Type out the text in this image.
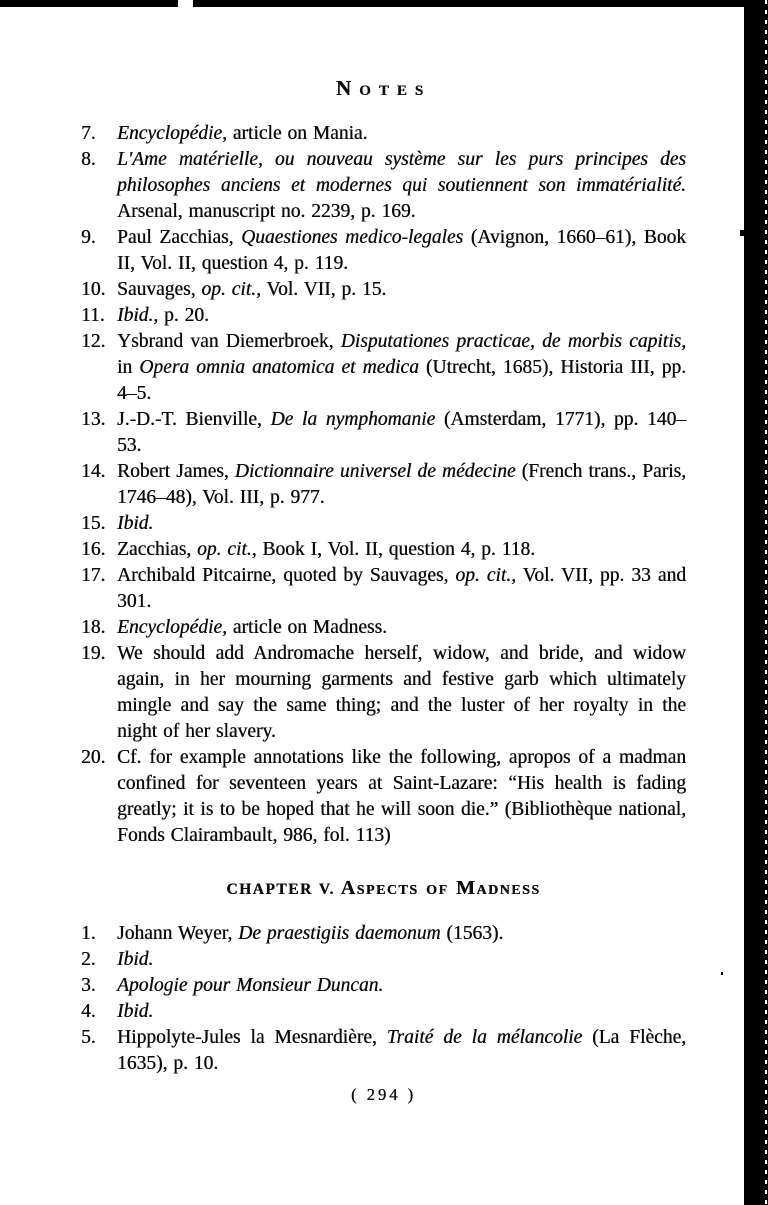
NOTES
7. Encyclopédie, article on Mania.
8. L'Ame matérielle, ou nouveau système sur les purs principes des philosophes anciens et modernes qui soutiennent son immatérialité. Arsenal, manuscript no. 2239, p. 169.
9. Paul Zacchias, Quaestiones medico-legales (Avignon, 1660–61), Book II, Vol. II, question 4, p. 119.
10. Sauvages, op. cit., Vol. VII, p. 15.
11. Ibid., p. 20.
12. Ysbrand van Diemerbroek, Disputationes practicae, de morbis capitis, in Opera omnia anatomica et medica (Utrecht, 1685), Historia III, pp. 4–5.
13. J.-D.-T. Bienville, De la nymphomanie (Amsterdam, 1771), pp. 140–53.
14. Robert James, Dictionnaire universel de médecine (French trans., Paris, 1746–48), Vol. III, p. 977.
15. Ibid.
16. Zacchias, op. cit., Book I, Vol. II, question 4, p. 118.
17. Archibald Pitcairne, quoted by Sauvages, op. cit., Vol. VII, pp. 33 and 301.
18. Encyclopédie, article on Madness.
19. We should add Andromache herself, widow, and bride, and widow again, in her mourning garments and festive garb which ultimately mingle and say the same thing; and the luster of her royalty in the night of her slavery.
20. Cf. for example annotations like the following, apropos of a madman confined for seventeen years at Saint-Lazare: “His health is fading greatly; it is to be hoped that he will soon die.” (Bibliothèque national, Fonds Clairambault, 986, fol. 113)
CHAPTER V. Aspects of Madness
1. Johann Weyer, De praestigiis daemonum (1563).
2. Ibid.
3. Apologie pour Monsieur Duncan.
4. Ibid.
5. Hippolyte-Jules la Mesnardière, Traité de la mélancolie (La Flèche, 1635), p. 10.
( 294 )
